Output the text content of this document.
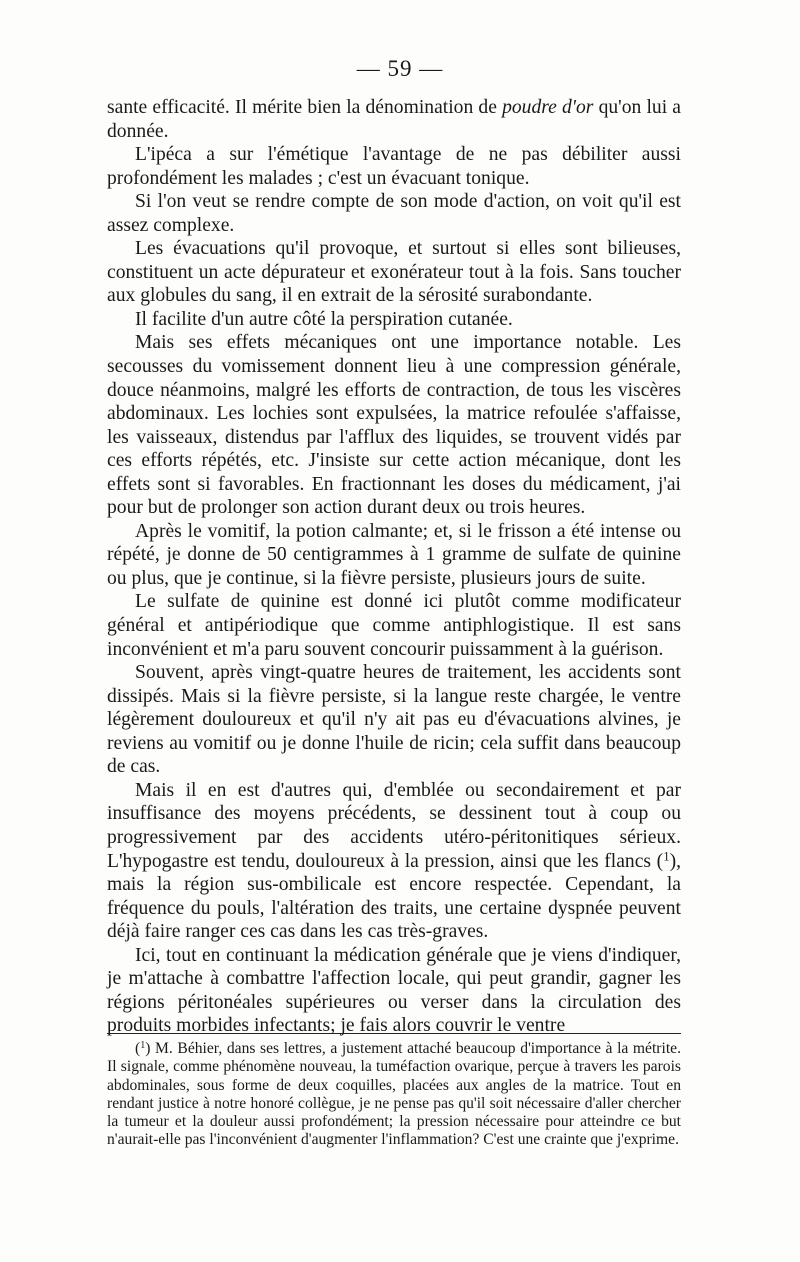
— 59 —

sante efficacité. Il mérite bien la dénomination de poudre d'or qu'on lui a donnée.

L'ipéca a sur l'émétique l'avantage de ne pas débiliter aussi profondément les malades ; c'est un évacuant tonique.

Si l'on veut se rendre compte de son mode d'action, on voit qu'il est assez complexe.

Les évacuations qu'il provoque, et surtout si elles sont bilieuses, constituent un acte dépurateur et exonérateur tout à la fois. Sans toucher aux globules du sang, il en extrait de la sérosité surabondante.

Il facilite d'un autre côté la perspiration cutanée.

Mais ses effets mécaniques ont une importance notable. Les secousses du vomissement donnent lieu à une compression générale, douce néanmoins, malgré les efforts de contraction, de tous les viscères abdominaux. Les lochies sont expulsées, la matrice refoulée s'affaisse, les vaisseaux, distendus par l'afflux des liquides, se trouvent vidés par ces efforts répétés, etc. J'insiste sur cette action mécanique, dont les effets sont si favorables. En fractionnant les doses du médicament, j'ai pour but de prolonger son action durant deux ou trois heures.

Après le vomitif, la potion calmante; et, si le frisson a été intense ou répété, je donne de 50 centigrammes à 1 gramme de sulfate de quinine ou plus, que je continue, si la fièvre persiste, plusieurs jours de suite.

Le sulfate de quinine est donné ici plutôt comme modificateur général et antipériodique que comme antiphlogistique. Il est sans inconvénient et m'a paru souvent concourir puissamment à la guérison.

Souvent, après vingt-quatre heures de traitement, les accidents sont dissipés. Mais si la fièvre persiste, si la langue reste chargée, le ventre légèrement douloureux et qu'il n'y ait pas eu d'évacuations alvines, je reviens au vomitif ou je donne l'huile de ricin; cela suffit dans beaucoup de cas.

Mais il en est d'autres qui, d'emblée ou secondairement et par insuffisance des moyens précédents, se dessinent tout à coup ou progressivement par des accidents utéro-péritonitiques sérieux. L'hypogastre est tendu, douloureux à la pression, ainsi que les flancs ($^1$), mais la région sus-ombilicale est encore respectée. Cependant, la fréquence du pouls, l'altération des traits, une certaine dyspnée peuvent déjà faire ranger ces cas dans les cas très-graves.

Ici, tout en continuant la médication générale que je viens d'indiquer, je m'attache à combattre l'affection locale, qui peut grandir, gagner les régions péritonéales supérieures ou verser dans la circulation des produits morbides infectants; je fais alors couvrir le ventre

($^1$) M. Béhier, dans ses lettres, a justement attaché beaucoup d'importance à la métrite. Il signale, comme phénomène nouveau, la tuméfaction ovarique, perçue à travers les parois abdominales, sous forme de deux coquilles, placées aux angles de la matrice. Tout en rendant justice à notre honoré collègue, je ne pense pas qu'il soit nécessaire d'aller chercher la tumeur et la douleur aussi profondément; la pression nécessaire pour atteindre ce but n'aurait-elle pas l'inconvénient d'augmenter l'inflammation? C'est une crainte que j'exprime.
